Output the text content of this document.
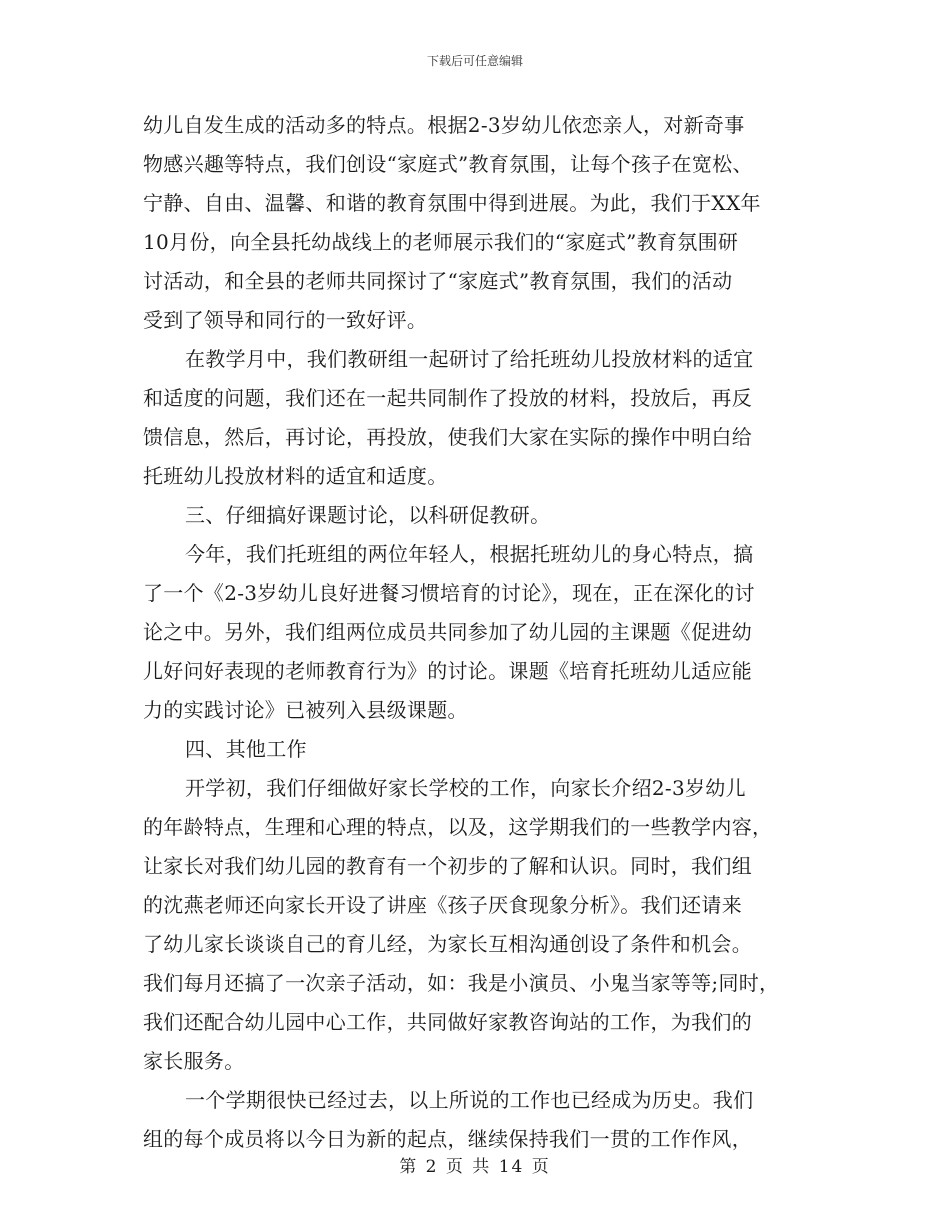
下载后可任意编辑
幼儿自发生成的活动多的特点。根据2-3岁幼儿依恋亲人，对新奇事
物感兴趣等特点，我们创设“家庭式”教育氛围，让每个孩子在宽松、
宁静、自由、温馨、和谐的教育氛围中得到进展。为此，我们于XX年
10月份，向全县托幼战线上的老师展示我们的“家庭式”教育氛围研
讨活动，和全县的老师共同探讨了“家庭式”教育氛围，我们的活动
受到了领导和同行的一致好评。
在教学月中，我们教研组一起研讨了给托班幼儿投放材料的适宜
和适度的问题，我们还在一起共同制作了投放的材料，投放后，再反
馈信息，然后，再讨论，再投放，使我们大家在实际的操作中明白给
托班幼儿投放材料的适宜和适度。
三、仔细搞好课题讨论，以科研促教研。
今年，我们托班组的两位年轻人，根据托班幼儿的身心特点，搞
了一个《2-3岁幼儿良好进餐习惯培育的讨论》，现在，正在深化的讨
论之中。另外，我们组两位成员共同参加了幼儿园的主课题《促进幼
儿好问好表现的老师教育行为》的讨论。课题《培育托班幼儿适应能
力的实践讨论》已被列入县级课题。
四、其他工作
开学初，我们仔细做好家长学校的工作，向家长介绍2-3岁幼儿
的年龄特点，生理和心理的特点，以及，这学期我们的一些教学内容，
让家长对我们幼儿园的教育有一个初步的了解和认识。同时，我们组
的沈燕老师还向家长开设了讲座《孩子厌食现象分析》。我们还请来
了幼儿家长谈谈自己的育儿经，为家长互相沟通创设了条件和机会。
我们每月还搞了一次亲子活动，如：我是小演员、小鬼当家等等;同时，
我们还配合幼儿园中心工作，共同做好家教咨询站的工作，为我们的
家长服务。
一个学期很快已经过去，以上所说的工作也已经成为历史。我们
组的每个成员将以今日为新的起点，继续保持我们一贯的工作作风，
第 2 页 共 14 页
